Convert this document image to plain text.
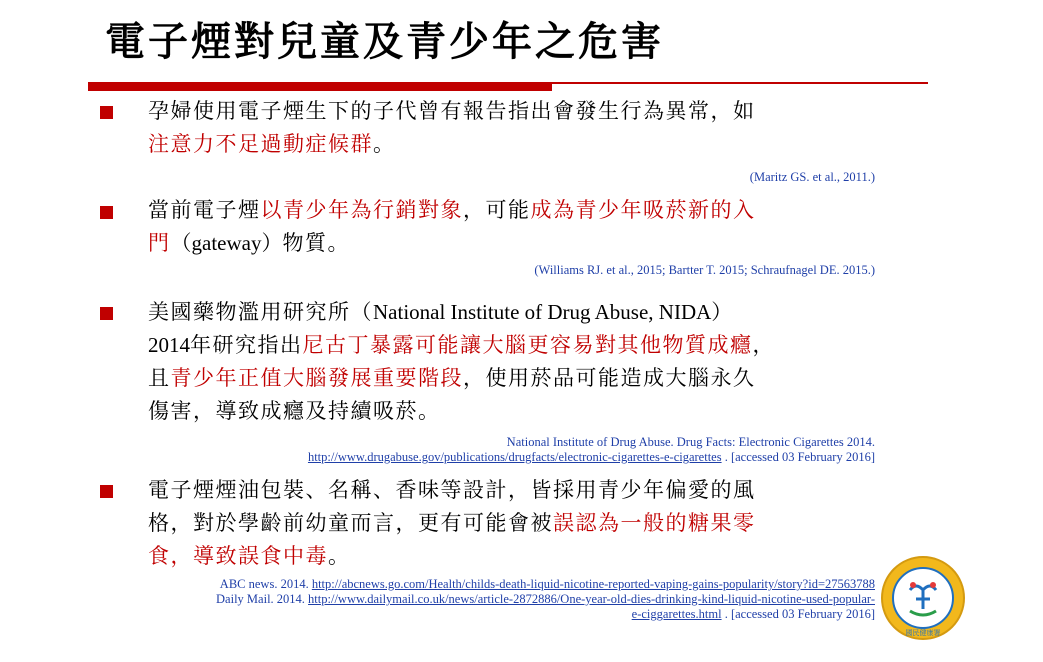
電子煙對兒童及青少年之危害
孕婦使用電子煙生下的子代曾有報告指出會發生行為異常，如
注意力不足過動症候群。
(Maritz GS. et al., 2011.)
當前電子煙以青少年為行銷對象，可能成為青少年吸菸新的入
門（gateway）物質。
(Williams RJ. et al., 2015; Bartter T. 2015; Schraufnagel DE. 2015.)
美國藥物濫用研究所（National Institute of Drug Abuse, NIDA）
2014年研究指出尼古丁暴露可能讓大腦更容易對其他物質成癮，
且青少年正值大腦發展重要階段，使用菸品可能造成大腦永久
傷害，導致成癮及持續吸菸。
National Institute of Drug Abuse. Drug Facts: Electronic Cigarettes 2014.
http://www.drugabuse.gov/publications/drugfacts/electronic-cigarettes-e-cigarettes . [accessed 03 February 2016]
電子煙煙油包裝、名稱、香味等設計，皆採用青少年偏愛的風
格，對於學齡前幼童而言，更有可能會被誤認為一般的糖果零
食，導致誤食中毒。
ABC news. 2014. http://abcnews.go.com/Health/childs-death-liquid-nicotine-reported-vaping-gains-popularity/story?id=27563788
Daily Mail. 2014. http://www.dailymail.co.uk/news/article-2872886/One-year-old-dies-drinking-kind-liquid-nicotine-used-popular-
e-ciggarettes.html . [accessed 03 February 2016]
國民健康署
